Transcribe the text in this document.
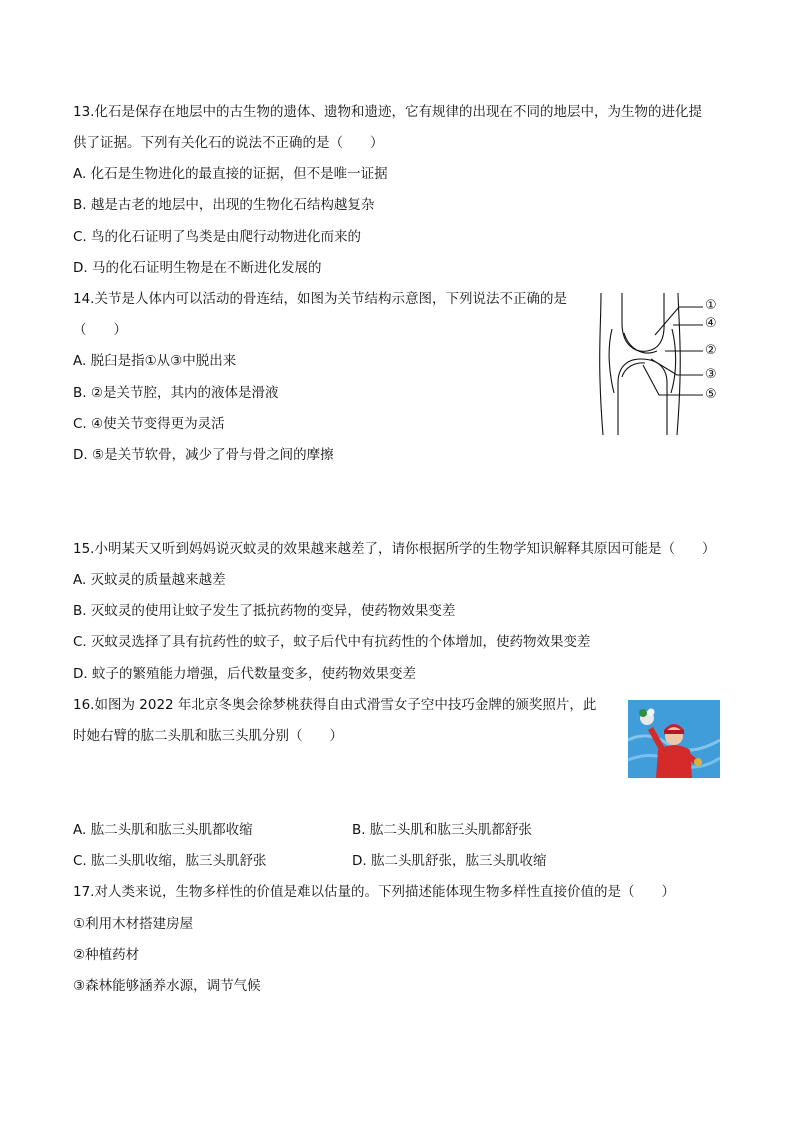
13.化石是保存在地层中的古生物的遗体、遗物和遗迹，它有规律的出现在不同的地层中，为生物的进化提
供了证据。下列有关化石的说法不正确的是（　　）
A. 化石是生物进化的最直接的证据，但不是唯一证据
B. 越是古老的地层中，出现的生物化石结构越复杂
C. 鸟的化石证明了鸟类是由爬行动物进化而来的
D. 马的化石证明生物是在不断进化发展的
14.关节是人体内可以活动的骨连结，如图为关节结构示意图，下列说法不正确的是
（　　）
A. 脱臼是指①从③中脱出来
B. ②是关节腔，其内的液体是滑液
C. ④使关节变得更为灵活
D. ⑤是关节软骨，减少了骨与骨之间的摩擦
①
④
②
③
⑤
15.小明某天又听到妈妈说灭蚊灵的效果越来越差了，请你根据所学的生物学知识解释其原因可能是（　　）
A. 灭蚊灵的质量越来越差
B. 灭蚊灵的使用让蚊子发生了抵抗药物的变异，使药物效果变差
C. 灭蚊灵选择了具有抗药性的蚊子，蚊子后代中有抗药性的个体增加，使药物效果变差
D. 蚊子的繁殖能力增强，后代数量变多，使药物效果变差
16.如图为 2022 年北京冬奥会徐梦桃获得自由式滑雪女子空中技巧金牌的颁奖照片，此
时她右臂的肱二头肌和肱三头肌分别（　　）
A. 肱二头肌和肱三头肌都收缩	B. 肱二头肌和肱三头肌都舒张
C. 肱二头肌收缩，肱三头肌舒张	D. 肱二头肌舒张，肱三头肌收缩
17.对人类来说，生物多样性的价值是难以估量的。下列描述能体现生物多样性直接价值的是（　　）
①利用木材搭建房屋
②种植药材
③森林能够涵养水源，调节气候
